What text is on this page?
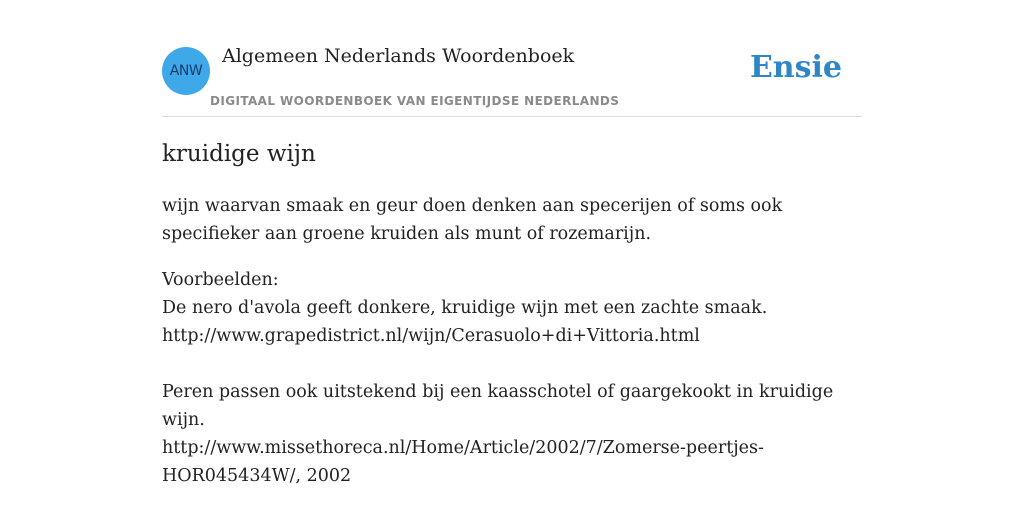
ANW
Algemeen Nederlands Woordenboek
DIGITAAL WOORDENBOEK VAN EIGENTIJDSE NEDERLANDS
Ensie
kruidige wijn

wijn waarvan smaak en geur doen denken aan specerijen of soms ook specifieker aan groene kruiden als munt of rozemarijn.

Voorbeelden:
De nero d'avola geeft donkere, kruidige wijn met een zachte smaak.
http://www.grapedistrict.nl/wijn/Cerasuolo+di+Vittoria.html
Peren passen ook uitstekend bij een kaasschotel of gaargekookt in kruidige wijn.
http://www.missethoreca.nl/Home/Article/2002/7/Zomerse-peertjes-HOR045434W/, 2002
